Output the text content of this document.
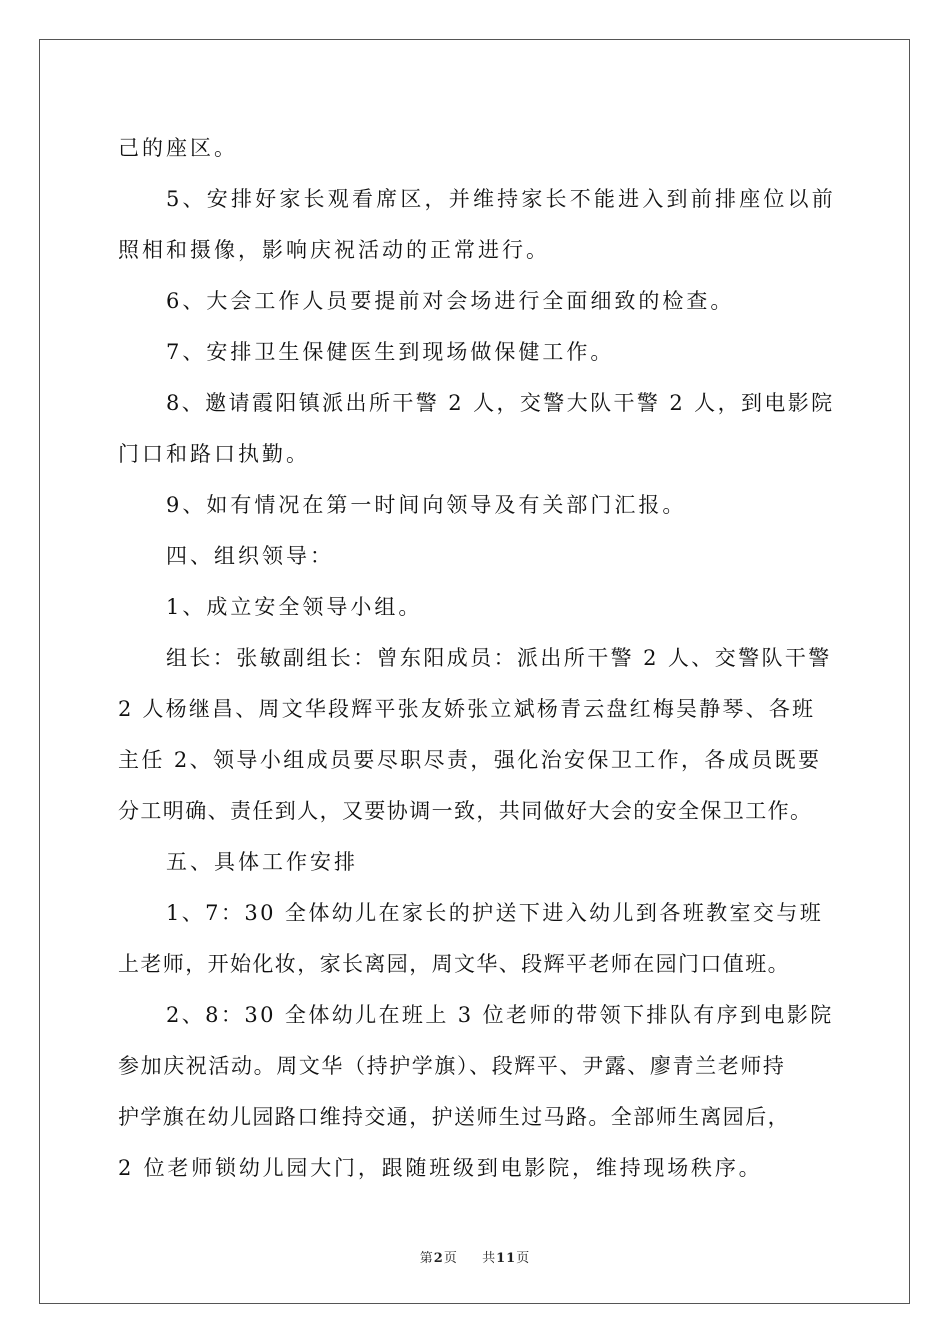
己的座区。
5、安排好家长观看席区，并维持家长不能进入到前排座位以前
照相和摄像，影响庆祝活动的正常进行。
6、大会工作人员要提前对会场进行全面细致的检查。
7、安排卫生保健医生到现场做保健工作。
8、邀请霞阳镇派出所干警 2 人，交警大队干警 2 人，到电影院
门口和路口执勤。
9、如有情况在第一时间向领导及有关部门汇报。
四、组织领导：
1、成立安全领导小组。
组长：张敏副组长：曾东阳成员：派出所干警 2 人、交警队干警
2 人杨继昌、周文华段辉平张友娇张立斌杨青云盘红梅吴静琴、各班
主任 2、领导小组成员要尽职尽责，强化治安保卫工作，各成员既要
分工明确、责任到人，又要协调一致，共同做好大会的安全保卫工作。
五、具体工作安排
1、7：30 全体幼儿在家长的护送下进入幼儿到各班教室交与班
上老师，开始化妆，家长离园，周文华、段辉平老师在园门口值班。
2、8：30 全体幼儿在班上 3 位老师的带领下排队有序到电影院
参加庆祝活动。周文华（持护学旗）、段辉平、尹露、廖青兰老师持
护学旗在幼儿园路口维持交通，护送师生过马路。全部师生离园后，
2 位老师锁幼儿园大门，跟随班级到电影院，维持现场秩序。
第2页 共11页
